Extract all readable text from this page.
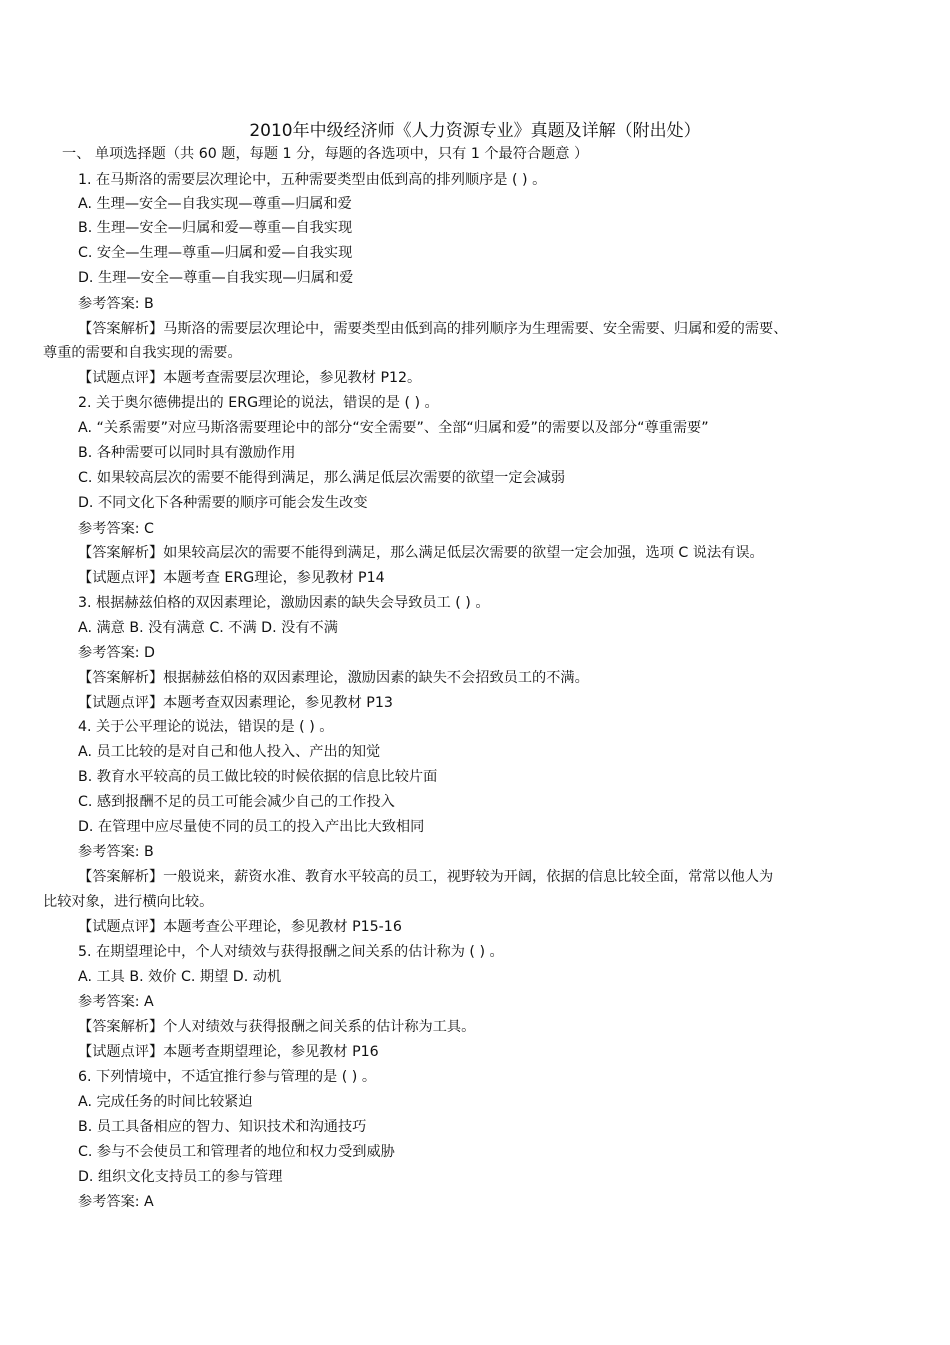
2010年中级经济师《人力资源专业》真题及详解（附出处）
一、 单项选择题（共 60 题，每题 1 分，每题的各选项中，只有 1 个最符合题意 ）
1. 在马斯洛的需要层次理论中，五种需要类型由低到高的排列顺序是 ( ) 。
A. 生理—安全—自我实现—尊重—归属和爱
B. 生理—安全—归属和爱—尊重—自我实现
C. 安全—生理—尊重—归属和爱—自我实现
D. 生理—安全—尊重—自我实现—归属和爱
参考答案: B
【答案解析】马斯洛的需要层次理论中，需要类型由低到高的排列顺序为生理需要、安全需要、归属和爱的需要、
尊重的需要和自我实现的需要。
【试题点评】本题考查需要层次理论，参见教材 P12。
2. 关于奥尔德佛提出的 ERG理论的说法，错误的是 ( ) 。
A. “关系需要”对应马斯洛需要理论中的部分“安全需要”、全部“归属和爱”的需要以及部分“尊重需要”
B. 各种需要可以同时具有激励作用
C. 如果较高层次的需要不能得到满足，那么满足低层次需要的欲望一定会减弱
D. 不同文化下各种需要的顺序可能会发生改变
参考答案: C
【答案解析】如果较高层次的需要不能得到满足，那么满足低层次需要的欲望一定会加强，选项 C 说法有误。
【试题点评】本题考查 ERG理论，参见教材 P14
3. 根据赫兹伯格的双因素理论，激励因素的缺失会导致员工 ( ) 。
A. 满意 B. 没有满意 C. 不满 D. 没有不满
参考答案: D
【答案解析】根据赫兹伯格的双因素理论，激励因素的缺失不会招致员工的不满。
【试题点评】本题考查双因素理论，参见教材 P13
4. 关于公平理论的说法，错误的是 ( ) 。
A. 员工比较的是对自己和他人投入、产出的知觉
B. 教育水平较高的员工做比较的时候依据的信息比较片面
C. 感到报酬不足的员工可能会减少自己的工作投入
D. 在管理中应尽量使不同的员工的投入产出比大致相同
参考答案: B
【答案解析】一般说来，薪资水准、教育水平较高的员工，视野较为开阔，依据的信息比较全面，常常以他人为
比较对象，进行横向比较。
【试题点评】本题考查公平理论，参见教材 P15-16
5. 在期望理论中，个人对绩效与获得报酬之间关系的估计称为 ( ) 。
A. 工具 B. 效价 C. 期望 D. 动机
参考答案: A
【答案解析】个人对绩效与获得报酬之间关系的估计称为工具。
【试题点评】本题考查期望理论，参见教材 P16
6. 下列情境中，不适宜推行参与管理的是 ( ) 。
A. 完成任务的时间比较紧迫
B. 员工具备相应的智力、知识技术和沟通技巧
C. 参与不会使员工和管理者的地位和权力受到威胁
D. 组织文化支持员工的参与管理
参考答案: A
